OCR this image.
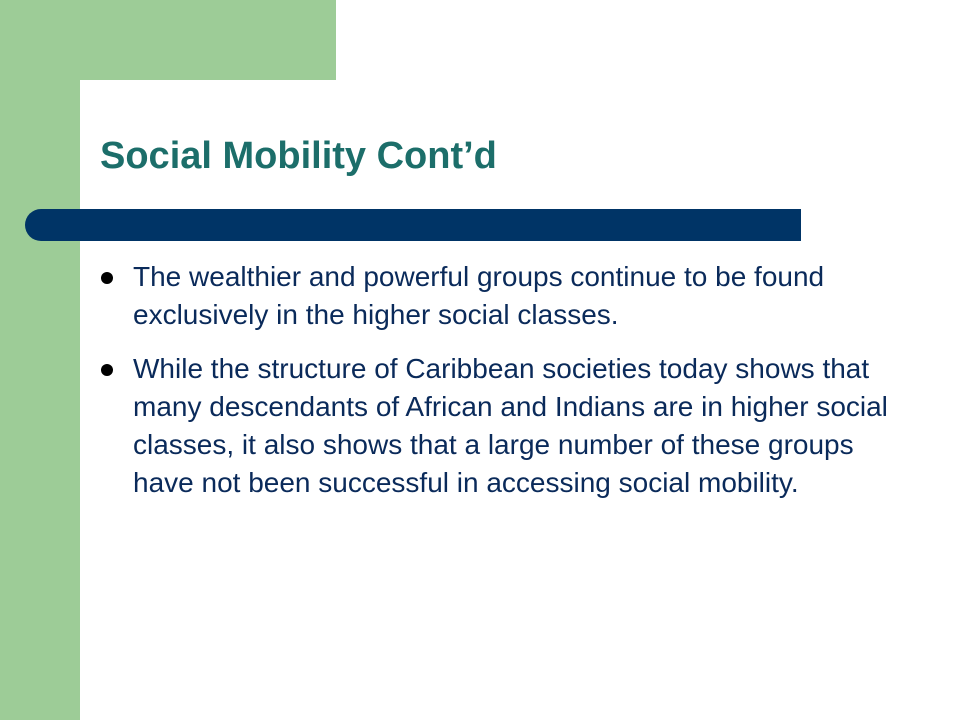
Social Mobility Cont’d
The wealthier and powerful groups continue to be found exclusively in the higher social classes.
While the structure of Caribbean societies today shows that many descendants of African and Indians are in higher social classes, it also shows that a large number of these groups have not been successful in accessing social mobility.
